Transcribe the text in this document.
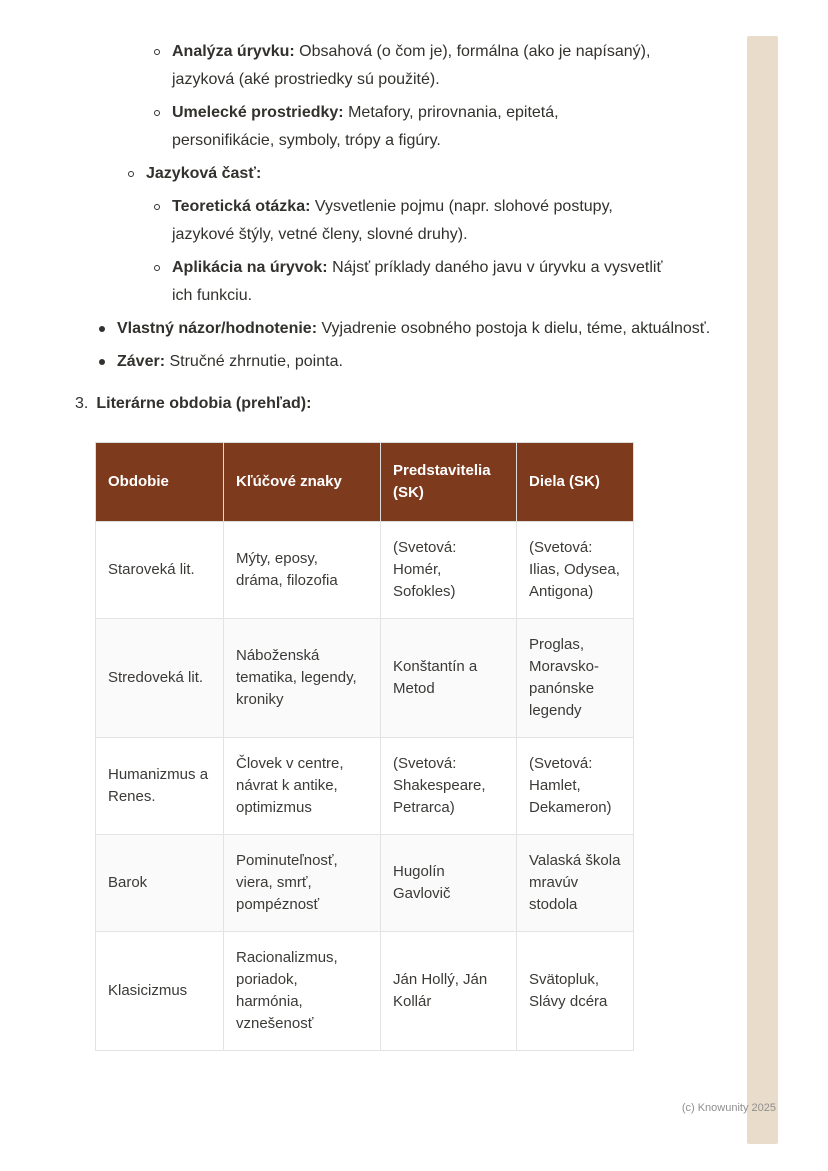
Analýza úryvku: Obsahová (o čom je), formálna (ako je napísaný), jazyková (aké prostriedky sú použité).
Umelecké prostriedky: Metafory, prirovnania, epitetá, personifikácie, symboly, trópy a figúry.
Jazyková časť:
Teoretická otázka: Vysvetlenie pojmu (napr. slohové postupy, jazykové štýly, vetné členy, slovné druhy).
Aplikácia na úryvok: Nájsť príklady daného javu v úryvku a vysvetliť ich funkciu.
Vlastný názor/hodnotenie: Vyjadrenie osobného postoja k dielu, téme, aktuálnosť.
Záver: Stručné zhrnutie, pointa.
3. Literárne obdobia (prehľad):
Obdobie	Kľúčové znaky	Predstavitelia (SK)	Diela (SK)
Staroveká lit.	Mýty, eposy, dráma, filozofia	(Svetová: Homér, Sofokles)	(Svetová: Ilias, Odysea, Antigona)
Stredoveká lit.	Náboženská tematika, legendy, kroniky	Konštantín a Metod	Proglas, Moravsko-panónske legendy
Humanizmus a Renes.	Človek v centre, návrat k antike, optimizmus	(Svetová: Shakespeare, Petrarca)	(Svetová: Hamlet, Dekameron)
Barok	Pominuteľnosť, viera, smrť, pompéznosť	Hugolín Gavlovič	Valaská škola mravúv stodola
Klasicizmus	Racionalizmus, poriadok, harmónia, vznešenosť	Ján Hollý, Ján Kollár	Svätopluk, Slávy dcéra
(c) Knowunity 2025
